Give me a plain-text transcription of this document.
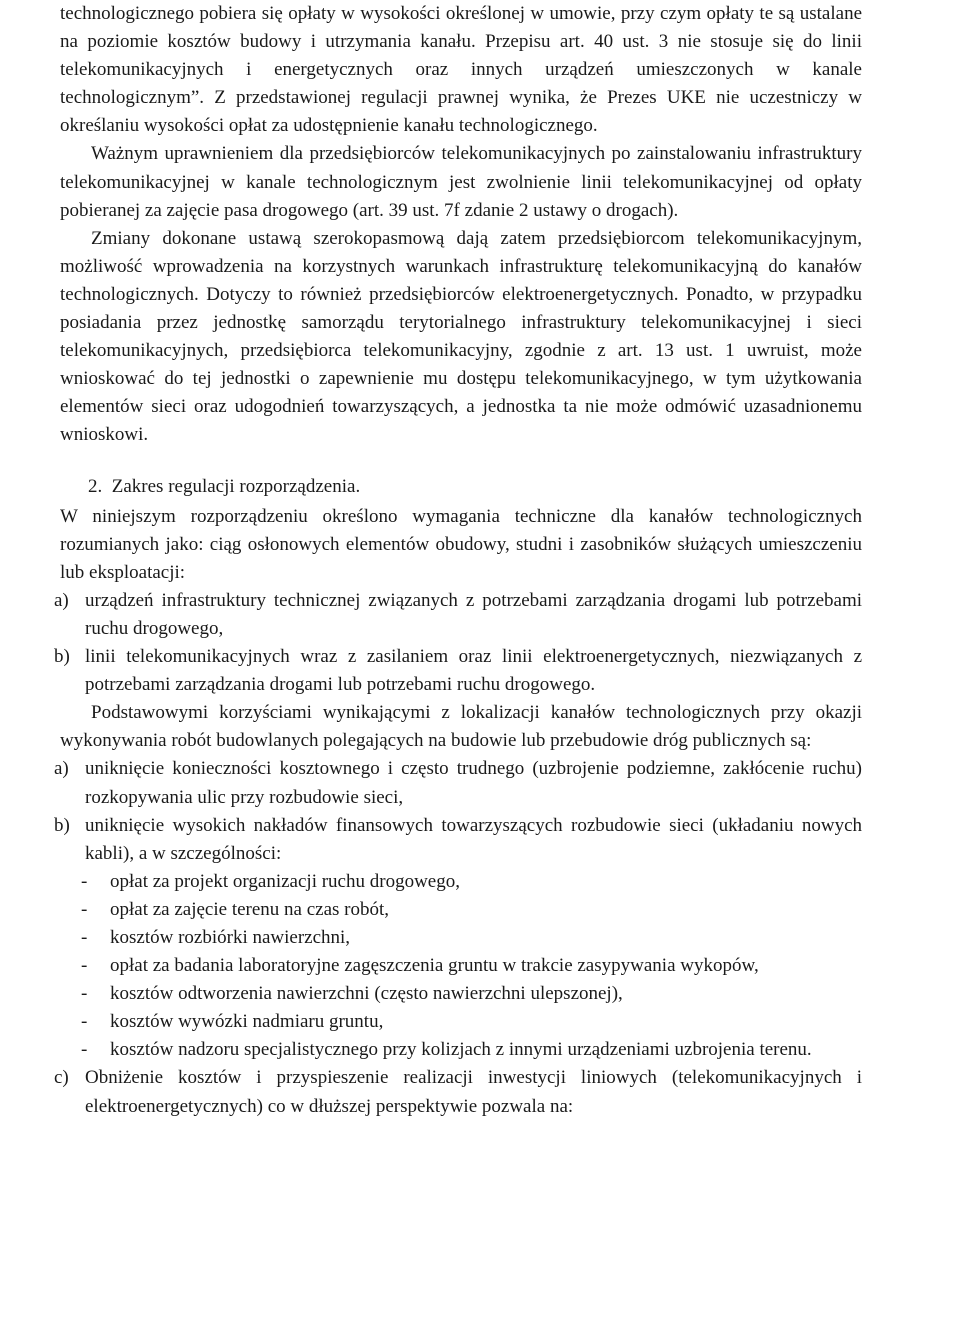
technologicznego pobiera się opłaty w wysokości określonej w umowie, przy czym opłaty te są ustalane na poziomie kosztów budowy i utrzymania kanału. Przepisu art. 40 ust. 3 nie stosuje się do linii telekomunikacyjnych i energetycznych oraz innych urządzeń umieszczonych w kanale technologicznym”. Z przedstawionej regulacji prawnej wynika, że Prezes UKE nie uczestniczy w określaniu wysokości opłat za udostępnienie kanału technologicznego.

Ważnym uprawnieniem dla przedsiębiorców telekomunikacyjnych po zainstalowaniu infrastruktury telekomunikacyjnej w kanale technologicznym jest zwolnienie linii telekomunikacyjnej od opłaty pobieranej za zajęcie pasa drogowego (art. 39 ust. 7f zdanie 2 ustawy o drogach).

Zmiany dokonane ustawą szerokopasmową dają zatem przedsiębiorcom telekomunikacyjnym, możliwość wprowadzenia na korzystnych warunkach infrastrukturę telekomunikacyjną do kanałów technologicznych. Dotyczy to również przedsiębiorców elektroenergetycznych. Ponadto, w przypadku posiadania przez jednostkę samorządu terytorialnego infrastruktury telekomunikacyjnej i sieci telekomunikacyjnych, przedsiębiorca telekomunikacyjny, zgodnie z art. 13 ust. 1 uwruist, może wnioskować do tej jednostki o zapewnienie mu dostępu telekomunikacyjnego, w tym użytkowania elementów sieci oraz udogodnień towarzyszących, a jednostka ta nie może odmówić uzasadnionemu wnioskowi.

2.  Zakres regulacji rozporządzenia.

W niniejszym rozporządzeniu określono wymagania techniczne dla kanałów technologicznych rozumianych jako: ciąg osłonowych elementów obudowy, studni i zasobników służących umieszczeniu lub eksploatacji:

a) urządzeń infrastruktury technicznej związanych z potrzebami zarządzania drogami lub potrzebami ruchu drogowego,
b) linii telekomunikacyjnych wraz z zasilaniem oraz linii elektroenergetycznych, niezwiązanych z potrzebami zarządzania drogami lub potrzebami ruchu drogowego.

Podstawowymi korzyściami wynikającymi z lokalizacji kanałów technologicznych przy okazji wykonywania robót budowlanych polegających na budowie lub przebudowie dróg publicznych są:

a) uniknięcie konieczności kosztownego i często trudnego (uzbrojenie podziemne, zakłócenie ruchu) rozkopywania ulic przy rozbudowie sieci,
b) uniknięcie wysokich nakładów finansowych towarzyszących rozbudowie sieci (układaniu nowych kabli), a w szczególności:
- opłat za projekt organizacji ruchu drogowego,
- opłat za zajęcie terenu na czas robót,
- kosztów rozbiórki nawierzchni,
- opłat za badania laboratoryjne zagęszczenia gruntu w trakcie zasypywania wykopów,
- kosztów odtworzenia nawierzchni (często nawierzchni ulepszonej),
- kosztów wywózki nadmiaru gruntu,
- kosztów nadzoru specjalistycznego przy kolizjach z innymi urządzeniami uzbrojenia terenu.
c) Obniżenie kosztów i przyspieszenie realizacji inwestycji liniowych (telekomunikacyjnych i elektroenergetycznych) co w dłuższej perspektywie pozwala na:
